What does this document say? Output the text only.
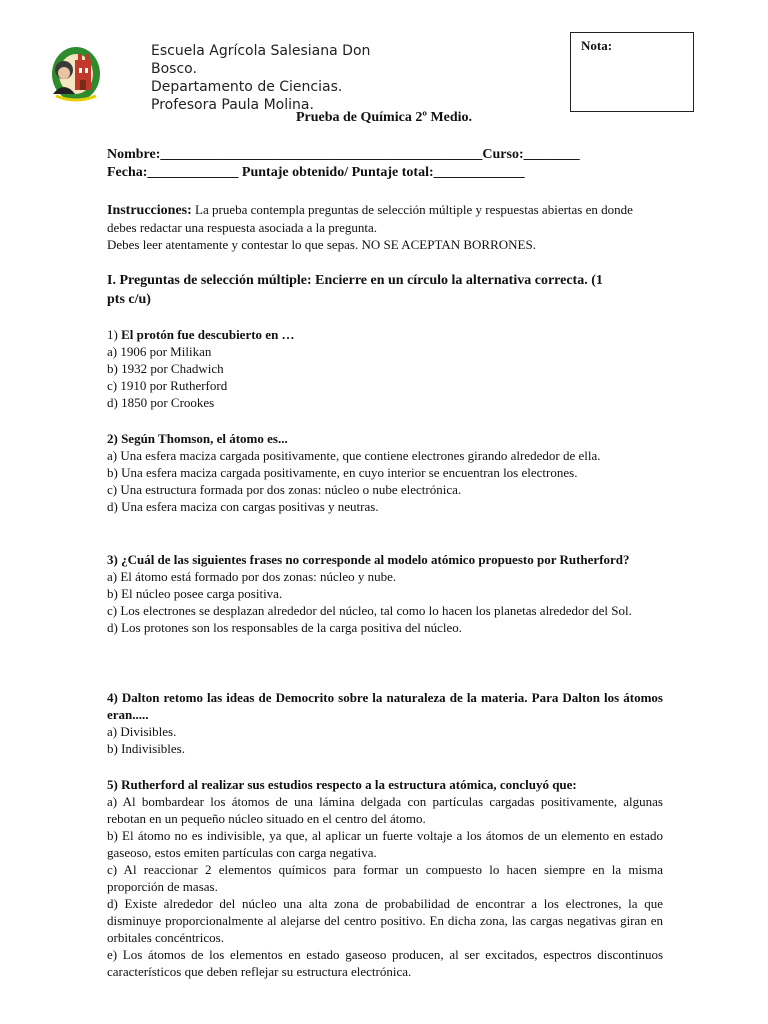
Escuela Agrícola Salesiana Don
Bosco.
Departamento de Ciencias.
Profesora Paula Molina.
Nota:
Prueba de Química 2º Medio.
Nombre:______________________________________________Curso:________
Fecha:_____________ Puntaje obtenido/ Puntaje total:_____________

Instrucciones: La prueba contempla preguntas de selección múltiple y respuestas abiertas en donde debes redactar una respuesta asociada a la pregunta.

Debes leer atentamente y contestar lo que sepas. NO SE ACEPTAN BORRONES.

I. Preguntas de selección múltiple: Encierre en un círculo la alternativa correcta. (1 pts c/u)

1) El protón fue descubierto en …

a) 1906 por Milikan

b) 1932 por Chadwich

c) 1910 por Rutherford

d) 1850 por Crookes

2) Según Thomson, el átomo es...

a) Una esfera maciza cargada positivamente, que contiene electrones girando alrededor de ella.

b) Una esfera maciza cargada positivamente, en cuyo interior se encuentran los electrones.

c) Una estructura formada por dos zonas: núcleo o nube electrónica.

d) Una esfera maciza con cargas positivas y neutras.

3) ¿Cuál de las siguientes frases no corresponde al modelo atómico propuesto por Rutherford?

a) El átomo está formado por dos zonas: núcleo y nube.

b) El núcleo posee carga positiva.

c) Los electrones se desplazan alrededor del núcleo, tal como lo hacen los planetas alrededor del Sol.

d) Los protones son los responsables de la carga positiva del núcleo.

4) Dalton retomo las ideas de Democrito sobre la naturaleza de la materia. Para Dalton los átomos eran.....

a) Divisibles.

b) Indivisibles.

5) Rutherford al realizar sus estudios respecto a la estructura atómica, concluyó que:

a) Al bombardear los átomos de una lámina delgada con partículas cargadas positivamente, algunas rebotan en un pequeño núcleo situado en el centro del átomo.

b) El átomo no es indivisible, ya que, al aplicar un fuerte voltaje a los átomos de un elemento en estado gaseoso, estos emiten partículas con carga negativa.

c) Al reaccionar 2 elementos químicos para formar un compuesto lo hacen siempre en la misma proporción de masas.

d) Existe alrededor del núcleo una alta zona de probabilidad de encontrar a los electrones, la que disminuye proporcionalmente al alejarse del centro positivo. En dicha zona, las cargas negativas giran en orbitales concéntricos.

e) Los átomos de los elementos en estado gaseoso producen, al ser excitados, espectros discontinuos característicos que deben reflejar su estructura electrónica.
